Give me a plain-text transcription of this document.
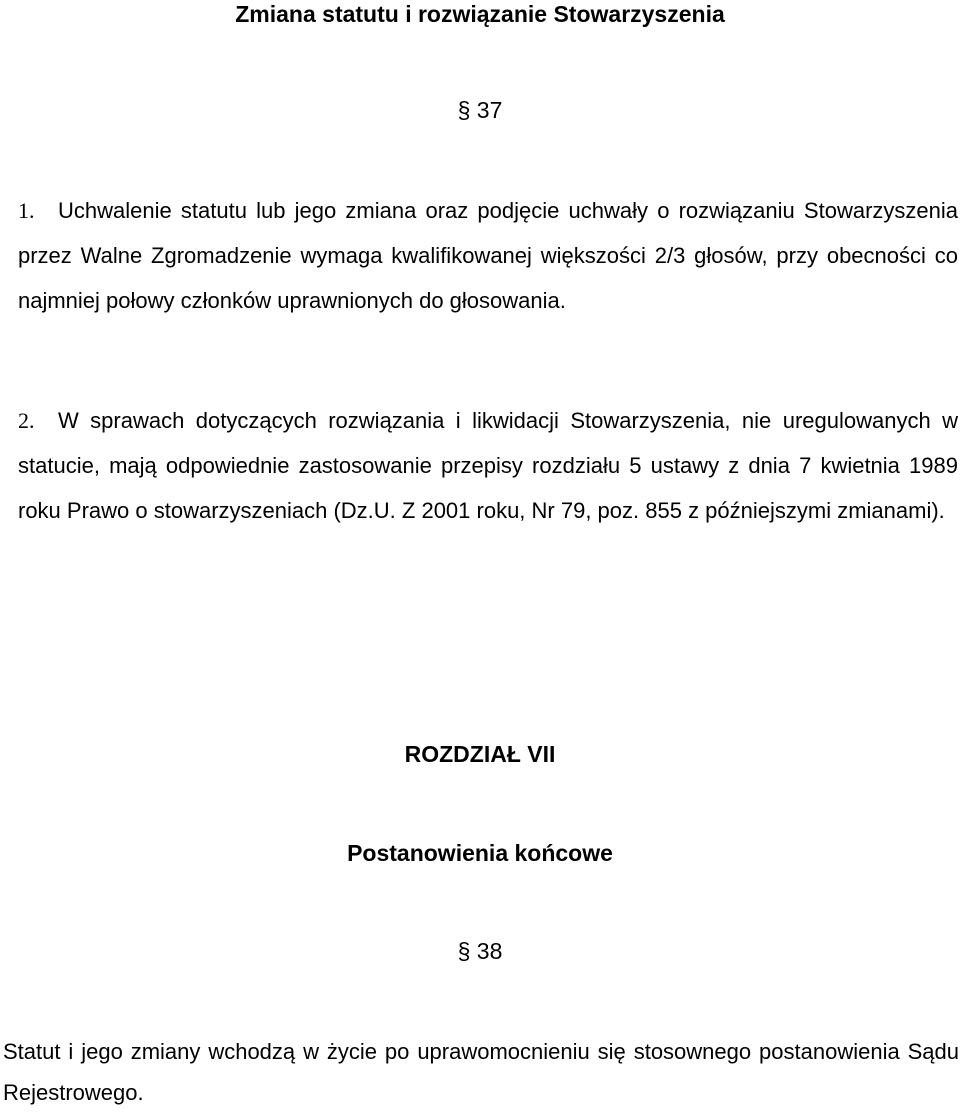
Zmiana statutu i rozwiązanie Stowarzyszenia
§ 37

1. Uchwalenie statutu lub jego zmiana oraz podjęcie uchwały o rozwiązaniu Stowarzyszenia przez Walne Zgromadzenie wymaga kwalifikowanej większości 2/3 głosów, przy obecności co najmniej połowy członków uprawnionych do głosowania.

2. W sprawach dotyczących rozwiązania i likwidacji Stowarzyszenia, nie uregulowanych w statucie, mają odpowiednie zastosowanie przepisy rozdziału 5 ustawy z dnia 7 kwietnia 1989 roku Prawo o stowarzyszeniach (Dz.U. Z 2001 roku, Nr 79, poz. 855 z późniejszymi zmianami).

ROZDZIAŁ VII
Postanowienia końcowe
§ 38

Statut i jego zmiany wchodzą w życie po uprawomocnieniu się stosownego postanowienia Sądu Rejestrowego.
